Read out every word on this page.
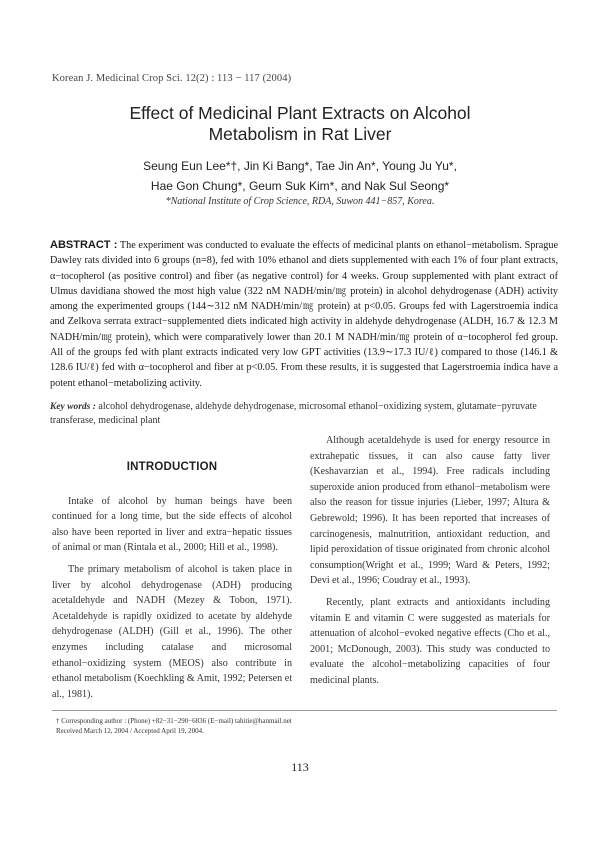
Korean J. Medicinal Crop Sci. 12(2) : 113 − 117 (2004)
Effect of Medicinal Plant Extracts on Alcohol
Metabolism in Rat Liver
Seung Eun Lee*†, Jin Ki Bang*, Tae Jin An*, Young Ju Yu*,
Hae Gon Chung*, Geum Suk Kim*, and Nak Sul Seong*
*National Institute of Crop Science, RDA, Suwon 441−857, Korea.
ABSTRACT : The experiment was conducted to evaluate the effects of medicinal plants on ethanol−metabolism. Sprague Dawley rats divided into 6 groups (n=8), fed with 10% ethanol and diets supplemented with each 1% of four plant extracts, α−tocopherol (as positive control) and fiber (as negative control) for 4 weeks. Group supplemented with plant extract of Ulmus davidiana showed the most high value (322 nM NADH/min/㎎ protein) in alcohol dehydrogenase (ADH) activity among the experimented groups (144∼312 nM NADH/min/㎎ protein) at p<0.05. Groups fed with Lagerstroemia indica and Zelkova serrata extract−supplemented diets indicated high activity in aldehyde dehydrogenase (ALDH, 16.7 & 12.3 M NADH/min/㎎ protein), which were comparatively lower than 20.1 M NADH/min/㎎ protein of α−tocopherol fed group. All of the groups fed with plant extracts indicated very low GPT activities (13.9∼17.3 IU/ℓ) compared to those (146.1 & 128.6 IU/ℓ) fed with α−tocopherol and fiber at p<0.05. From these results, it is suggested that Lagerstroemia indica have a potent ethanol−metabolizing activity.
Key words : alcohol dehydrogenase, aldehyde dehydrogenase, microsomal ethanol−oxidizing system, glutamate−pyruvate transferase, medicinal plant
INTRODUCTION

Intake of alcohol by human beings have been continued for a long time, but the side effects of alcohol also have been reported in liver and extra−hepatic tissues of animal or man (Rintala et al., 2000; Hill et al., 1998).

The primary metabolism of alcohol is taken place in liver by alcohol dehydrogenase (ADH) producing acetaldehyde and NADH (Mezey & Tobon, 1971). Acetaldehyde is rapidly oxidized to acetate by aldehyde dehydrogenase (ALDH) (Gill et al., 1996). The other enzymes including catalase and microsomal ethanol−oxidizing system (MEOS) also contribute in ethanol metabolism (Koechkling & Amit, 1992; Petersen et al., 1981).

Although acetaldehyde is used for energy resource in extrahepatic tissues, it can also cause fatty liver (Keshavarzian et al., 1994). Free radicals including superoxide anion produced from ethanol−metabolism were also the reason for tissue injuries (Lieber, 1997; Altura & Gebrewold; 1996). It has been reported that increases of carcinogenesis, malnutrition, antioxidant reduction, and lipid peroxidation of tissue originated from chronic alcohol consumption(Wright et al., 1999; Ward & Peters, 1992; Devi et al., 1996; Coudray et al., 1993).

Recently, plant extracts and antioxidants including vitamin E and vitamin C were suggested as materials for attenuation of alcohol−evoked negative effects (Cho et al., 2001; McDonough, 2003). This study was conducted to evaluate the alcohol−metabolizing capacities of four medicinal plants.

† Corresponding author : (Phone) +82−31−290−6836 (E−mail) tahitie@hanmail.net
Received March 12, 2004 / Accepted April 19, 2004.
113
